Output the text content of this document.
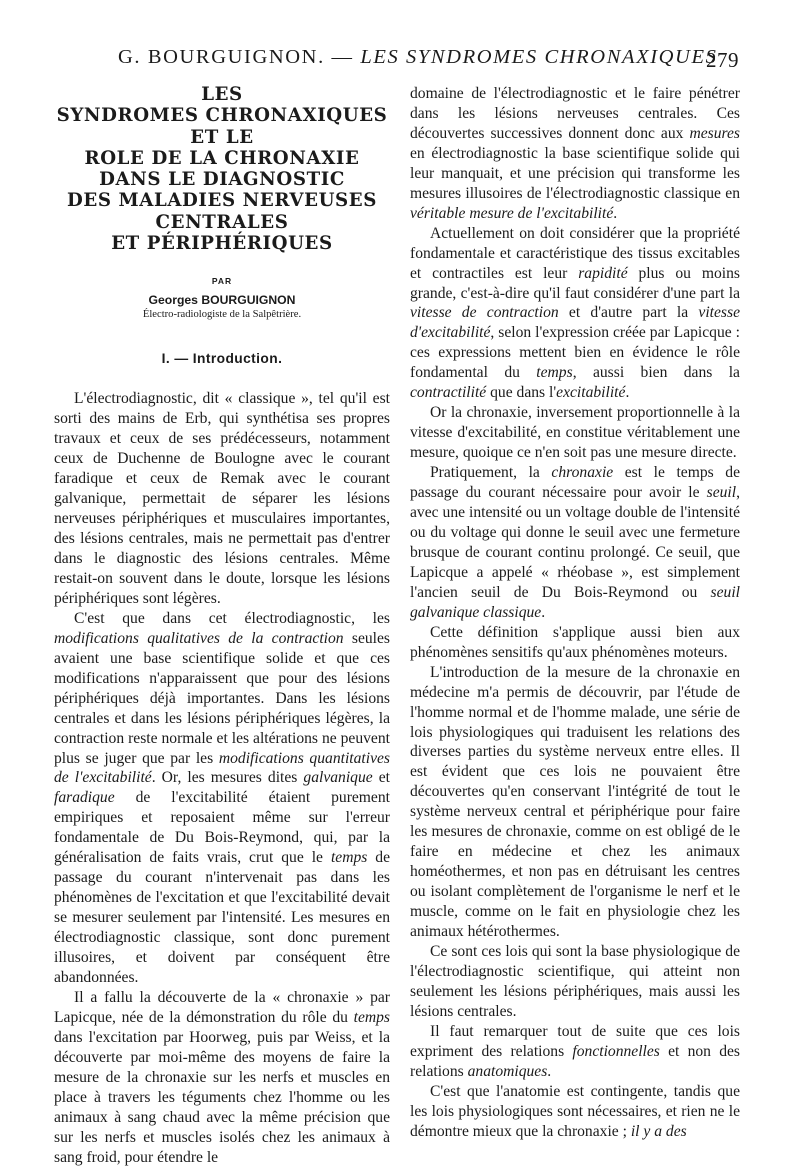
G. BOURGUIGNON. — LES SYNDROMES CHRONAXIQUES
279
LES
SYNDROMES CHRONAXIQUES
ET LE
ROLE DE LA CHRONAXIE
DANS LE DIAGNOSTIC
DES MALADIES NERVEUSES
CENTRALES
ET PÉRIPHÉRIQUES

PAR

Georges BOURGUIGNON

Électro-radiologiste de la Salpêtrière.

I. — Introduction.

L'électrodiagnostic, dit « classique », tel qu'il est sorti des mains de Erb, qui synthétisa ses propres travaux et ceux de ses prédécesseurs, notamment ceux de Duchenne de Boulogne avec le courant faradique et ceux de Remak avec le courant galvanique, permettait de séparer les lésions nerveuses périphériques et musculaires importantes, des lésions centrales, mais ne permettait pas d'entrer dans le diagnostic des lésions centrales. Même restait-on souvent dans le doute, lorsque les lésions périphériques sont légères.

C'est que dans cet électrodiagnostic, les modifications qualitatives de la contraction seules avaient une base scientifique solide et que ces modifications n'apparaissent que pour des lésions périphériques déjà importantes. Dans les lésions centrales et dans les lésions périphériques légères, la contraction reste normale et les altérations ne peuvent plus se juger que par les modifications quantitatives de l'excitabilité. Or, les mesures dites galvanique et faradique de l'excitabilité étaient purement empiriques et reposaient même sur l'erreur fondamentale de Du Bois-Reymond, qui, par la généralisation de faits vrais, crut que le temps de passage du courant n'intervenait pas dans les phénomènes de l'excitation et que l'excitabilité devait se mesurer seulement par l'intensité. Les mesures en électrodiagnostic classique, sont donc purement illusoires, et doivent par conséquent être abandonnées.

Il a fallu la découverte de la « chronaxie » par Lapicque, née de la démonstration du rôle du temps dans l'excitation par Hoorweg, puis par Weiss, et la découverte par moi-même des moyens de faire la mesure de la chronaxie sur les nerfs et muscles en place à travers les téguments chez l'homme ou les animaux à sang chaud avec la même précision que sur les nerfs et muscles isolés chez les animaux à sang froid, pour étendre le

domaine de l'électrodiagnostic et le faire pénétrer dans les lésions nerveuses centrales. Ces découvertes successives donnent donc aux mesures en électrodiagnostic la base scientifique solide qui leur manquait, et une précision qui transforme les mesures illusoires de l'électrodiagnostic classique en véritable mesure de l'excitabilité.

Actuellement on doit considérer que la propriété fondamentale et caractéristique des tissus excitables et contractiles est leur rapidité plus ou moins grande, c'est-à-dire qu'il faut considérer d'une part la vitesse de contraction et d'autre part la vitesse d'excitabilité, selon l'expression créée par Lapicque : ces expressions mettent bien en évidence le rôle fondamental du temps, aussi bien dans la contractilité que dans l'excitabilité.

Or la chronaxie, inversement proportionnelle à la vitesse d'excitabilité, en constitue véritablement une mesure, quoique ce n'en soit pas une mesure directe.

Pratiquement, la chronaxie est le temps de passage du courant nécessaire pour avoir le seuil, avec une intensité ou un voltage double de l'intensité ou du voltage qui donne le seuil avec une fermeture brusque de courant continu prolongé. Ce seuil, que Lapicque a appelé « rhéobase », est simplement l'ancien seuil de Du Bois-Reymond ou seuil galvanique classique.

Cette définition s'applique aussi bien aux phénomènes sensitifs qu'aux phénomènes moteurs.

L'introduction de la mesure de la chronaxie en médecine m'a permis de découvrir, par l'étude de l'homme normal et de l'homme malade, une série de lois physiologiques qui traduisent les relations des diverses parties du système nerveux entre elles. Il est évident que ces lois ne pouvaient être découvertes qu'en conservant l'intégrité de tout le système nerveux central et périphérique pour faire les mesures de chronaxie, comme on est obligé de le faire en médecine et chez les animaux homéothermes, et non pas en détruisant les centres ou isolant complètement de l'organisme le nerf et le muscle, comme on le fait en physiologie chez les animaux hétérothermes.

Ce sont ces lois qui sont la base physiologique de l'électrodiagnostic scientifique, qui atteint non seulement les lésions périphériques, mais aussi les lésions centrales.

Il faut remarquer tout de suite que ces lois expriment des relations fonctionnelles et non des relations anatomiques.

C'est que l'anatomie est contingente, tandis que les lois physiologiques sont nécessaires, et rien ne le démontre mieux que la chronaxie ; il y a des
